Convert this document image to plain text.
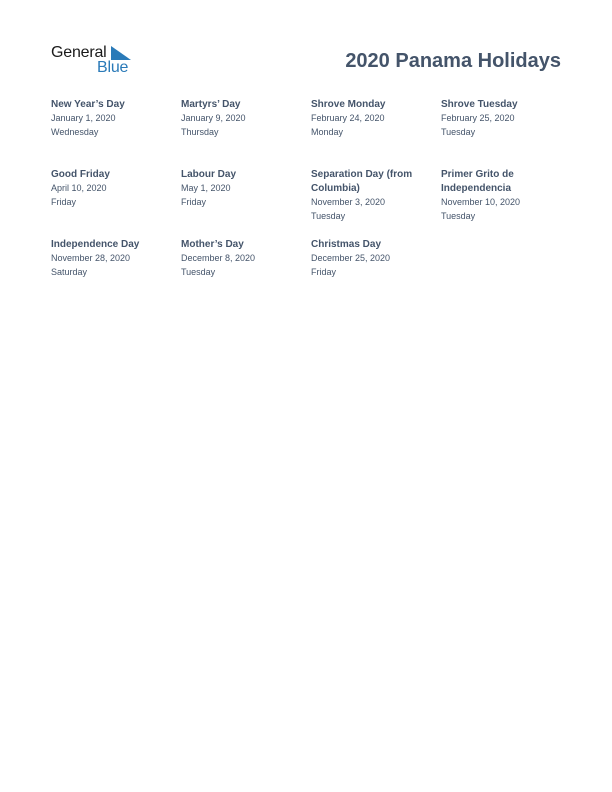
General
Blue	2020 Panama Holidays
New Year’s Day
January 1, 2020
Wednesday
Martyrs’ Day
January 9, 2020
Thursday
Shrove Monday
February 24, 2020
Monday
Shrove Tuesday
February 25, 2020
Tuesday
Good Friday
April 10, 2020
Friday
Labour Day
May 1, 2020
Friday
Separation Day (from Columbia)
November 3, 2020
Tuesday
Primer Grito de Independencia
November 10, 2020
Tuesday
Independence Day
November 28, 2020
Saturday
Mother’s Day
December 8, 2020
Tuesday
Christmas Day
December 25, 2020
Friday
